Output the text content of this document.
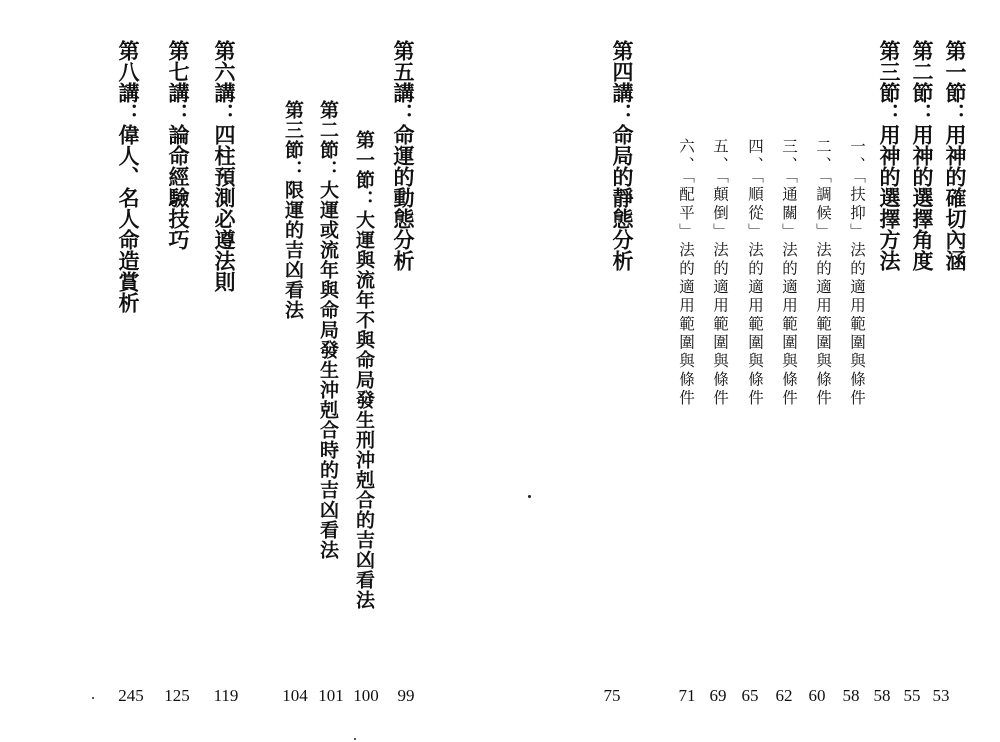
第一節：用神的確切內涵
第二節：用神的選擇角度
第三節：用神的選擇方法
一、「扶抑」法的適用範圍與條件
二、「調候」法的適用範圍與條件
三、「通關」法的適用範圍與條件
四、「順從」法的適用範圍與條件
五、「顛倒」法的適用範圍與條件
六、「配平」法的適用範圍與條件
第四講：命局的靜態分析
第五講：命運的動態分析
第一節：大運與流年不與命局發生刑沖剋合的吉凶看法
第二節：大運或流年與命局發生沖剋合時的吉凶看法
第三節：限運的吉凶看法
第六講：四柱預測必遵法則
第七講：論命經驗技巧
第八講：偉人、名人命造賞析
53
55
58
58
60
62
65
69
71
75
99
100
101
104
119
125
245
